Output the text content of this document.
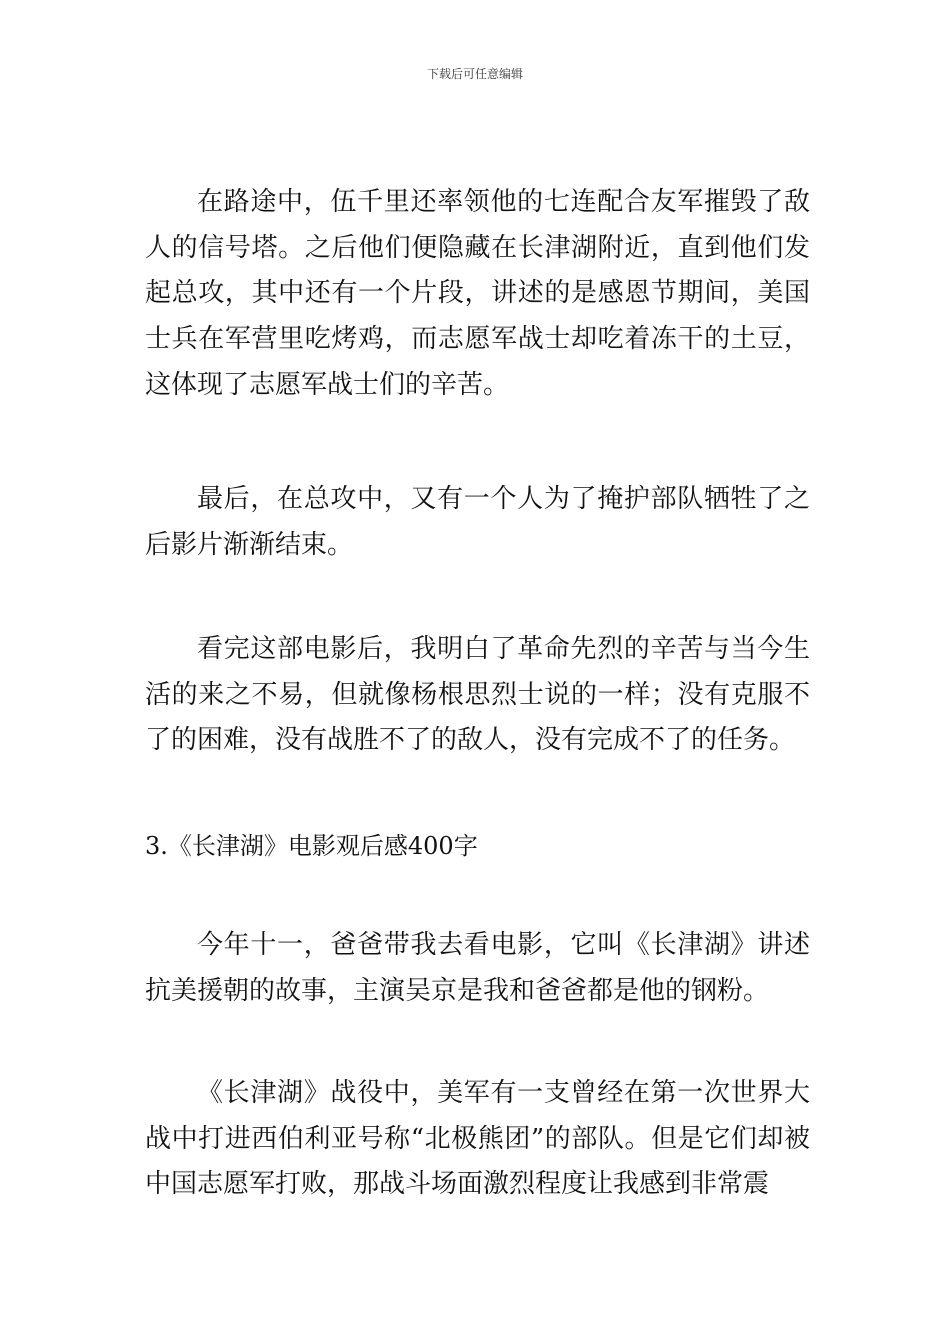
下载后可任意编辑

在路途中，伍千里还率领他的七连配合友军摧毁了敌人的信号塔。之后他们便隐藏在长津湖附近，直到他们发起总攻，其中还有一个片段，讲述的是感恩节期间，美国士兵在军营里吃烤鸡，而志愿军战士却吃着冻干的土豆，这体现了志愿军战士们的辛苦。

最后，在总攻中，又有一个人为了掩护部队牺牲了之后影片渐渐结束。

看完这部电影后，我明白了革命先烈的辛苦与当今生活的来之不易，但就像杨根思烈士说的一样；没有克服不了的困难，没有战胜不了的敌人，没有完成不了的任务。

3.《长津湖》电影观后感400字

今年十一，爸爸带我去看电影，它叫《长津湖》讲述抗美援朝的故事，主演吴京是我和爸爸都是他的钢粉。

《长津湖》战役中，美军有一支曾经在第一次世界大战中打进西伯利亚号称“北极熊团”的部队。但是它们却被中国志愿军打败，那战斗场面激烈程度让我感到非常震
